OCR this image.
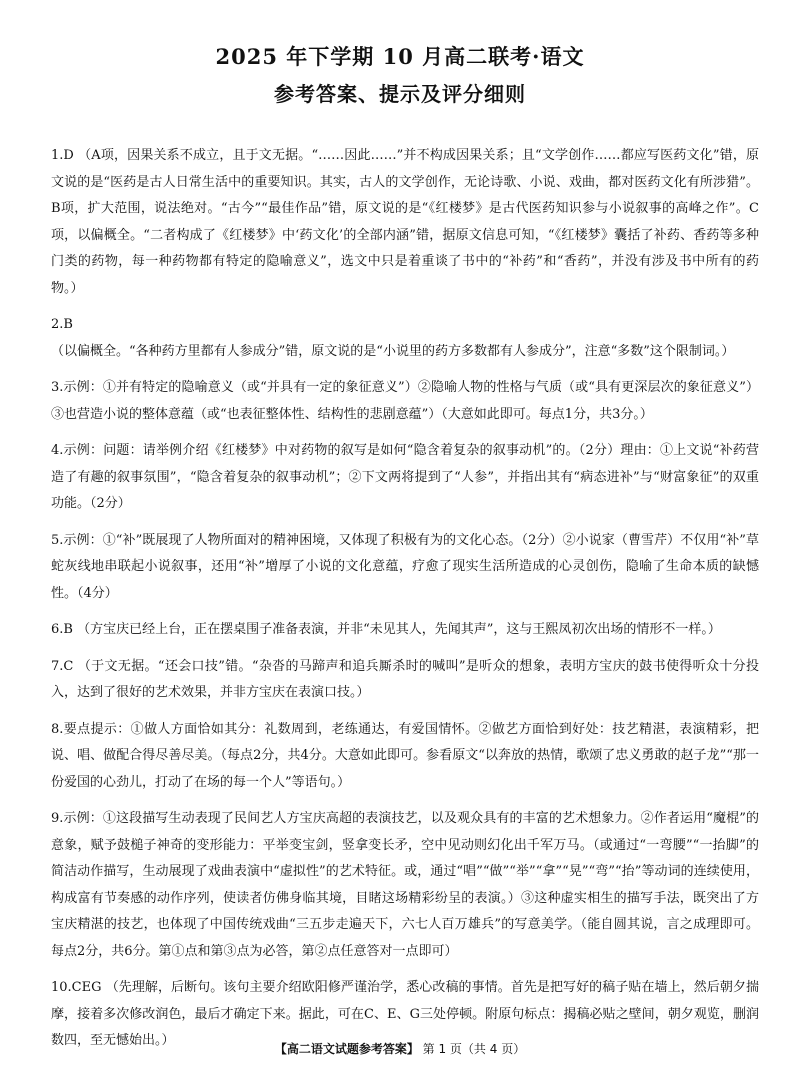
2025 年下学期 10 月高二联考·语文
参考答案、提示及评分细则

1.D （A项，因果关系不成立，且于文无据。“……因此……”并不构成因果关系；且“文学创作……都应写医药文化”错，原文说的是“医药是古人日常生活中的重要知识。其实，古人的文学创作，无论诗歌、小说、戏曲，都对医药文化有所涉猎”。B项，扩大范围，说法绝对。“古今”“最佳作品”错，原文说的是“《红楼梦》是古代医药知识参与小说叙事的高峰之作”。C项，以偏概全。“二者构成了《红楼梦》中‘药文化’的全部内涵”错，据原文信息可知，“《红楼梦》囊括了补药、香药等多种门类的药物，每一种药物都有特定的隐喻意义”，选文中只是着重谈了书中的“补药”和“香药”，并没有涉及书中所有的药物。）

2.B （以偏概全。“各种药方里都有人参成分”错，原文说的是“小说里的药方多数都有人参成分”，注意“多数”这个限制词。）

3.示例：①并有特定的隐喻意义（或“并具有一定的象征意义”）②隐喻人物的性格与气质（或“具有更深层次的象征意义”）③也营造小说的整体意蕴（或“也表征整体性、结构性的悲剧意蕴”）（大意如此即可。每点1分，共3分。）

4.示例：问题：请举例介绍《红楼梦》中对药物的叙写是如何“隐含着复杂的叙事动机”的。（2分）理由：①上文说“补药营造了有趣的叙事氛围”，“隐含着复杂的叙事动机”；②下文两将提到了“人参”，并指出其有“病态进补”与“财富象征”的双重功能。（2分）

5.示例：①“补”既展现了人物所面对的精神困境，又体现了积极有为的文化心态。（2分）②小说家（曹雪芹）不仅用“补”草蛇灰线地串联起小说叙事，还用“补”增厚了小说的文化意蕴，疗愈了现实生活所造成的心灵创伤，隐喻了生命本质的缺憾性。（4分）

6.B （方宝庆已经上台，正在摆桌围子准备表演，并非“未见其人，先闻其声”，这与王熙凤初次出场的情形不一样。）

7.C （于文无据。“还会口技”错。“杂沓的马蹄声和追兵厮杀时的喊叫”是听众的想象，表明方宝庆的鼓书使得听众十分投入，达到了很好的艺术效果，并非方宝庆在表演口技。）

8.要点提示：①做人方面恰如其分：礼数周到，老练通达，有爱国情怀。②做艺方面恰到好处：技艺精湛，表演精彩，把说、唱、做配合得尽善尽美。（每点2分，共4分。大意如此即可。参看原文“以奔放的热情，歌颂了忠义勇敢的赵子龙”“那一份爱国的心劲儿，打动了在场的每一个人”等语句。）

9.示例：①这段描写生动表现了民间艺人方宝庆高超的表演技艺，以及观众具有的丰富的艺术想象力。②作者运用“魔棍”的意象，赋予鼓槌子神奇的变形能力：平举变宝剑，竖拿变长矛，空中见动则幻化出千军万马。（或通过“一弯腰”“一抬脚”的简洁动作描写，生动展现了戏曲表演中“虚拟性”的艺术特征。或，通过“唱”“做”“举”“拿”“晃”“弯”“抬”等动词的连续使用，构成富有节奏感的动作序列，使读者仿佛身临其境，目睹这场精彩纷呈的表演。）③这种虚实相生的描写手法，既突出了方宝庆精湛的技艺，也体现了中国传统戏曲“三五步走遍天下，六七人百万雄兵”的写意美学。（能自圆其说，言之成理即可。每点2分，共6分。第①点和第③点为必答，第②点任意答对一点即可）

10.CEG （先理解，后断句。该句主要介绍欧阳修严谨治学，悉心改稿的事情。首先是把写好的稿子贴在墙上，然后朝夕揣摩，接着多次修改润色，最后才确定下来。据此，可在C、E、G三处停顿。附原句标点：揭稿必贴之壁间，朝夕观览，删润数四，至无憾始出。）

【高二语文试题参考答案】 第 1 页（共 4 页）
